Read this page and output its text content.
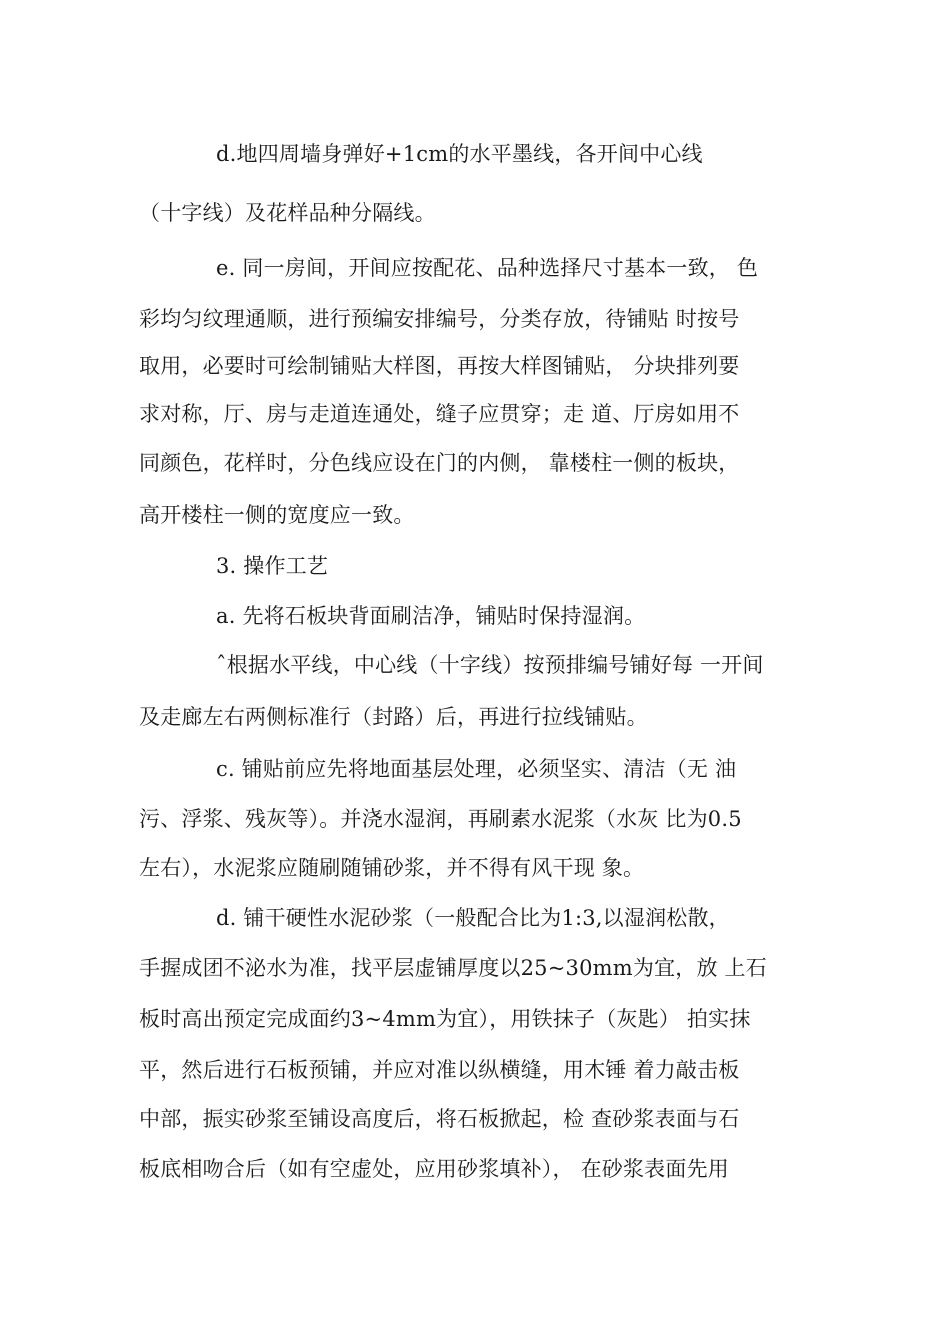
d.地四周墙身弹好+1cm的水平墨线，各开间中心线
（十字线）及花样品种分隔线。
e. 同一房间，开间应按配花、品种选择尺寸基本一致， 色
彩均匀纹理通顺，进行预编安排编号，分类存放，待铺贴 时按号
取用，必要时可绘制铺贴大样图，再按大样图铺贴， 分块排列要
求对称，厅、房与走道连通处，缝子应贯穿；走 道、厅房如用不
同颜色，花样时，分色线应设在门的内侧， 靠楼柱一侧的板块，
高开楼柱一侧的宽度应一致。
3. 操作工艺
a. 先将石板块背面刷洁净，铺贴时保持湿润。
ˆ根据水平线，中心线（十字线）按预排编号铺好每 一开间
及走廊左右两侧标准行（封路）后，再进行拉线铺贴。
c. 铺贴前应先将地面基层处理，必须坚实、清洁（无 油
污、浮浆、残灰等）。并浇水湿润，再刷素水泥浆（水灰 比为0.5
左右），水泥浆应随刷随铺砂浆，并不得有风干现 象。
d. 铺干硬性水泥砂浆（一般配合比为1:3,以湿润松散，
手握成团不泌水为准，找平层虚铺厚度以25~30mm为宜，放 上石
板时高出预定完成面约3~4mm为宜），用铁抹子（灰匙） 拍实抹
平，然后进行石板预铺，并应对准以纵横缝，用木锤 着力敲击板
中部，振实砂浆至铺设高度后，将石板掀起，检 查砂浆表面与石
板底相吻合后（如有空虚处，应用砂浆填补）， 在砂浆表面先用
